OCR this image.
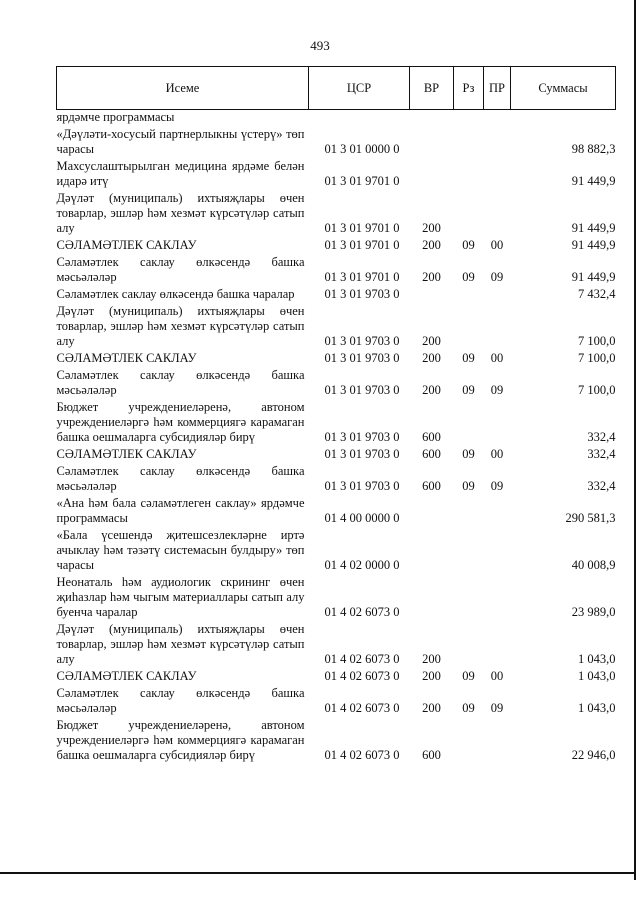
493
Исеме	ЦСР	ВР	Рз	ПР	Суммасы
ярдәмче программасы					
«Дәүләти-хосусый партнерлыкны үстерү» төп чарасы	01 3 01 0000 0				98 882,3
Махсуслаштырылган медицина ярдәме белән идарә итү	01 3 01 9701 0				91 449,9
Дәүләт (муниципаль) ихтыяҗлары өчен товарлар, эшләр һәм хезмәт күрсәтүләр сатып алу	01 3 01 9701 0	200			91 449,9
СӘЛАМӘТЛЕК САКЛАУ	01 3 01 9701 0	200	09	00	91 449,9
Сәламәтлек саклау өлкәсендә башка мәсьәләләр	01 3 01 9701 0	200	09	09	91 449,9
Сәламәтлек саклау өлкәсендә башка чаралар	01 3 01 9703 0				7 432,4
Дәүләт (муниципаль) ихтыяҗлары өчен товарлар, эшләр һәм хезмәт күрсәтүләр сатып алу	01 3 01 9703 0	200			7 100,0
СӘЛАМӘТЛЕК САКЛАУ	01 3 01 9703 0	200	09	00	7 100,0
Сәламәтлек саклау өлкәсендә башка мәсьәләләр	01 3 01 9703 0	200	09	09	7 100,0
Бюджет учреждениеләренә, автоном учреждениеләргә һәм коммерциягә карамаган башка оешмаларга субсидияләр бирү	01 3 01 9703 0	600			332,4
СӘЛАМӘТЛЕК САКЛАУ	01 3 01 9703 0	600	09	00	332,4
Сәламәтлек саклау өлкәсендә башка мәсьәләләр	01 3 01 9703 0	600	09	09	332,4
«Ана һәм бала сәламәтлеген саклау» ярдәмче программасы	01 4 00 0000 0				290 581,3
«Бала үсешендә җитешсезлекләрне иртә ачыклау һәм тәзәтү системасын булдыру» төп чарасы	01 4 02 0000 0				40 008,9
Неонаталь һәм аудиологик скрининг өчен җиһазлар һәм чыгым материаллары сатып алу буенча чаралар	01 4 02 6073 0				23 989,0
Дәүләт (муниципаль) ихтыяҗлары өчен товарлар, эшләр һәм хезмәт күрсәтүләр сатып алу	01 4 02 6073 0	200			1 043,0
СӘЛАМӘТЛЕК САКЛАУ	01 4 02 6073 0	200	09	00	1 043,0
Сәламәтлек саклау өлкәсендә башка мәсьәләләр	01 4 02 6073 0	200	09	09	1 043,0
Бюджет учреждениеләренә, автоном учреждениеләргә һәм коммерциягә карамаган башка оешмаларга субсидияләр бирү	01 4 02 6073 0	600			22 946,0
